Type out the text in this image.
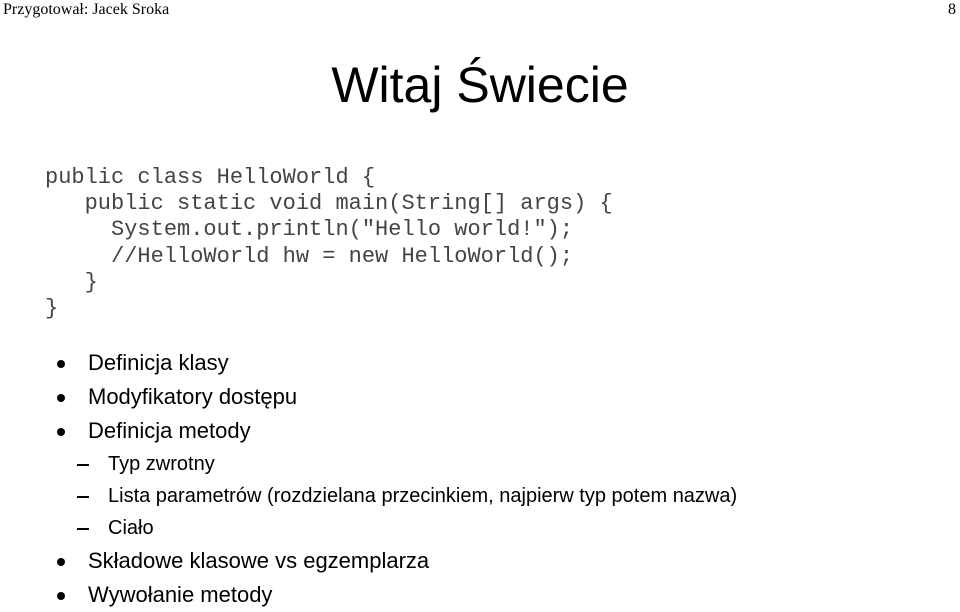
Przygotował: Jacek Sroka	8
Witaj Świecie
public class HelloWorld {
public static void main(String[] args) {
System.out.println("Hello world!");
//HelloWorld hw = new HelloWorld();
}
}
Definicja klasy
Modyfikatory dostępu
Definicja metody
Typ zwrotny
Lista parametrów (rozdzielana przecinkiem, najpierw typ potem nazwa)
Ciało
Składowe klasowe vs egzemplarza
Wywołanie metody
